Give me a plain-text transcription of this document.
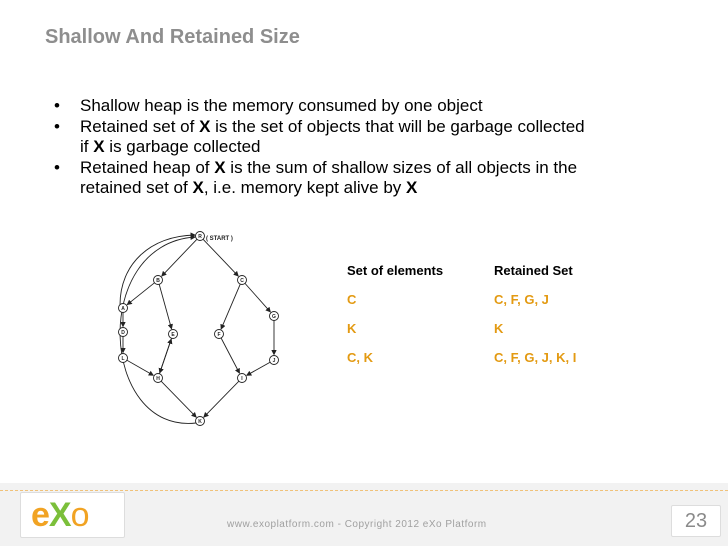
Shallow And Retained Size
• Shallow heap is the memory consumed by one object
• Retained set of X is the set of objects that will be garbage collected
if X is garbage collected
• Retained heap of X is the sum of shallow sizes of all objects in the
retained set of X, i.e. memory kept alive by X
R
B	C
A
G
D	E	F
L	J
H	I
K
( START )
Set of elements	Retained Set
C	C, F, G, J
K	K
C, K	C, F, G, J, K, I
eXo	www.exoplatform.com - Copyright 2012 eXo Platform	23
